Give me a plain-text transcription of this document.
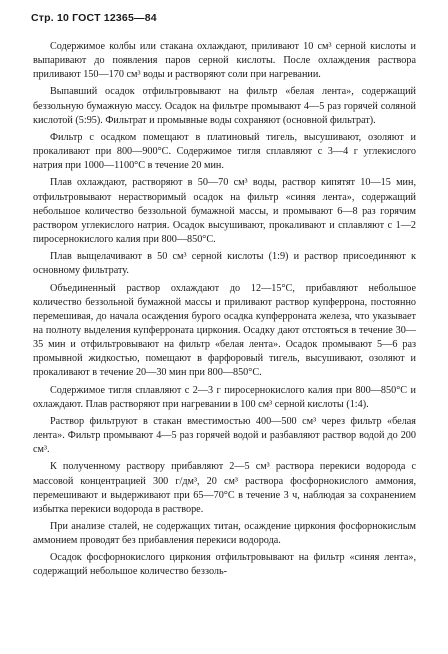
Стр. 10 ГОСТ 12365—84

Содержимое колбы или стакана охлаждают, приливают 10 см³ серной кислоты и выпаривают до появления паров серной кислоты. После охлаждения раствора приливают 150—170 см³ воды и растворяют соли при нагревании.

Выпавший осадок отфильтровывают на фильтр «белая лента», содержащий беззольную бумажную массу. Осадок на фильтре промывают 4—5 раз горячей соляной кислотой (5:95). Фильтрат и промывные воды сохраняют (основной фильтрат).

Фильтр с осадком помещают в платиновый тигель, высушивают, озоляют и прокаливают при 800—900°C. Содержимое тигля сплавляют с 3—4 г углекислого натрия при 1000—1100°C в течение 20 мин.

Плав охлаждают, растворяют в 50—70 см³ воды, раствор кипятят 10—15 мин, отфильтровывают нерастворимый осадок на фильтр «синяя лента», содержащий небольшое количество беззольной бумажной массы, и промывают 6—8 раз горячим раствором углекислого натрия. Осадок высушивают, прокаливают и сплавляют с 1—2 пиросернокислого калия при 800—850°C.

Плав выщелачивают в 50 см³ серной кислоты (1:9) и раствор присоединяют к основному фильтрату.

Объединенный раствор охлаждают до 12—15°C, прибавляют небольшое количество беззольной бумажной массы и приливают раствор купферрона, постоянно перемешивая, до начала осаждения бурого осадка купферроната железа, что указывает на полноту выделения купферроната циркония. Осадку дают отстояться в течение 30—35 мин и отфильтровывают на фильтр «белая лента». Осадок промывают 5—6 раз промывной жидкостью, помещают в фарфоровый тигель, высушивают, озоляют и прокаливают в течение 20—30 мин при 800—850°C.

Содержимое тигля сплавляют с 2—3 г пиросернокислого калия при 800—850°C и охлаждают. Плав растворяют при нагревании в 100 см³ серной кислоты (1:4).

Раствор фильтруют в стакан вместимостью 400—500 см³ через фильтр «белая лента». Фильтр промывают 4—5 раз горячей водой и разбавляют раствор водой до 200 см³.

К полученному раствору прибавляют 2—5 см³ раствора перекиси водорода с массовой концентрацией 300 г/дм³, 20 см³ раствора фосфорнокислого аммония, перемешивают и выдерживают при 65—70°C в течение 3 ч, наблюдая за сохранением избытка перекиси водорода в растворе.

При анализе сталей, не содержащих титан, осаждение циркония фосфорнокислым аммонием проводят без прибавления перекиси водорода.

Осадок фосфорнокислого циркония отфильтровывают на фильтр «синяя лента», содержащий небольшое количество беззоль-
